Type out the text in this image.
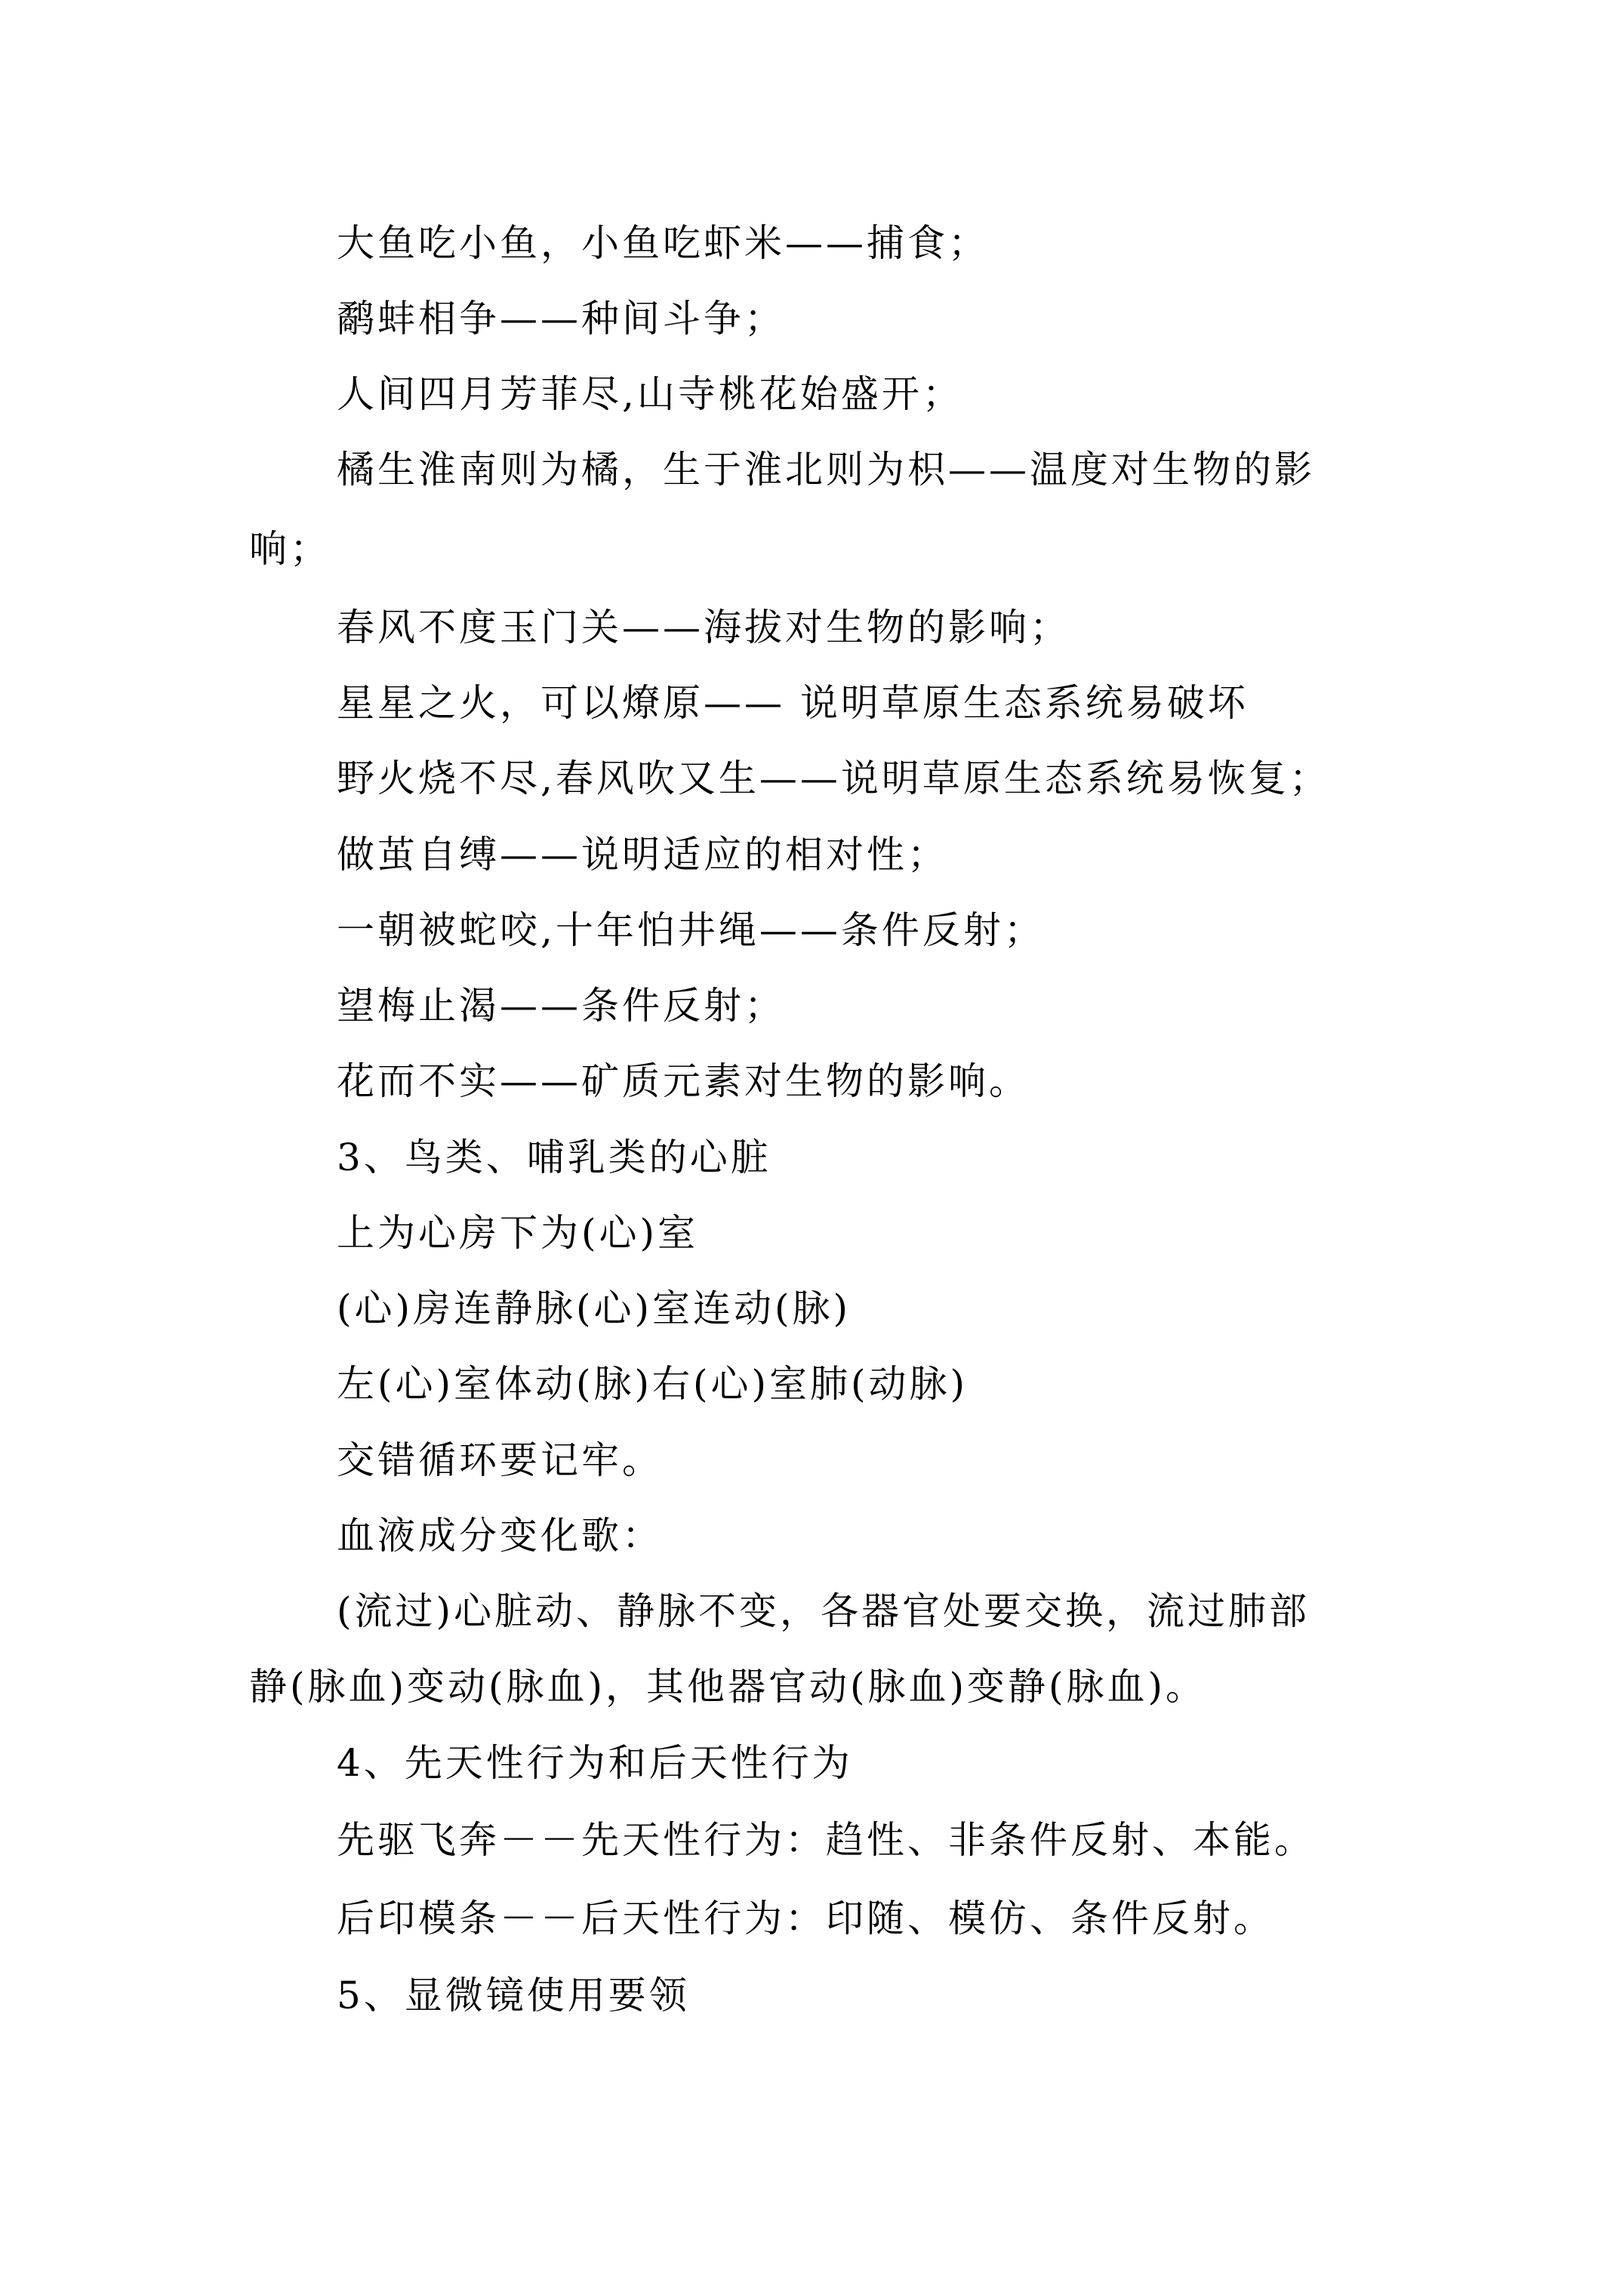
大鱼吃小鱼，小鱼吃虾米——捕食；
鹬蚌相争——种间斗争；
人间四月芳菲尽,山寺桃花始盛开；
橘生淮南则为橘，生于淮北则为枳——温度对生物的影
响；
春风不度玉门关——海拔对生物的影响；
星星之火，可以燎原—— 说明草原生态系统易破坏
野火烧不尽,春风吹又生——说明草原生态系统易恢复；
做茧自缚——说明适应的相对性；
一朝被蛇咬,十年怕井绳——条件反射；
望梅止渴——条件反射；
花而不实——矿质元素对生物的影响。
3、鸟类、哺乳类的心脏
上为心房下为(心)室
(心)房连静脉(心)室连动(脉)
左(心)室体动(脉)右(心)室肺(动脉)
交错循环要记牢。
血液成分变化歌：
(流过)心脏动、静脉不变，各器官处要交换，流过肺部
静(脉血)变动(脉血)，其他器官动(脉血)变静(脉血)。
4、先天性行为和后天性行为
先驱飞奔－－先天性行为：趋性、非条件反射、本能。
后印模条－－后天性行为：印随、模仿、条件反射。
5、显微镜使用要领
